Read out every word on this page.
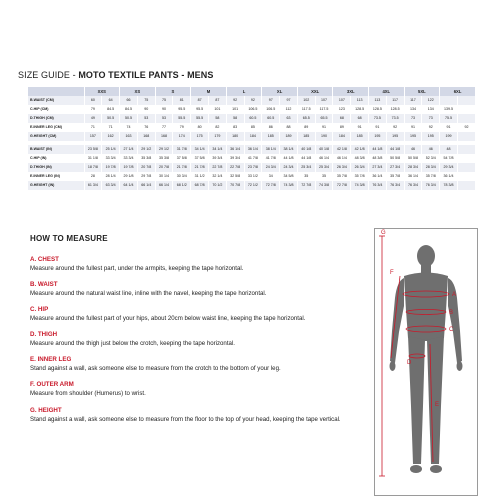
SIZE GUIDE - MOTO TEXTILE PANTS - MENS
	XXS		XS		S		M		L		XL		XXL		3XL		4XL		5XL		6XL	
B.WAIST (CM)	60	64	66	75	75	81	87	87	92	92	97	97	102	107	107	113	113	117	117	122		
C.HIP (CM)	79	84.5	84.5	90	90	95.5	95.5	101	101	106.5	106.5	112	117.5	117.5	123	128.5	128.5	128.5	134	134	139.5	
D.THIGH (CM)	49	50.5	50.5	53	53	55.5	55.5	58	58	60.5	60.5	63	65.5	65.5	68	68	73.5	73.5	73	73	75.5	
E.INNER LEG (CM)	71	71	74	76	77	79	80	82	83	85	86	88	89	91	89	91	91	92	91	92	91	92
G.HEIGHT (CM)	157	162	163	168	168	174	175	179	180	184	185	189	185	190	184	185	195	195	195	195	199	

B.WAIST (IN)	23 5/8	25 1/4	27 1/4	29 1/2	29 1/2	31 7/8	34 1/4	34 1/4	36 1/4	36 1/4	38 1/4	38 1/4	40 1/8	40 1/8	42 1/8	42 1/8	44 1/8	44 1/8	46	46	48	
C.HIP (IN)	31 1/8	33 3/4	33 3/4	35 3/8	35 3/8	37 5/8	37 5/8	39 3/4	39 3/4	41 7/8	41 7/8	44 1/8	44 1/8	46 1/4	46 1/4	48 3/8	48 3/8	50 5/8	50 5/8	52 3/4	54 7/8	
D.THIGH (IN)	18 7/8	19 7/8	19 7/8	20 7/8	20 7/8	21 7/8	21 7/8	22 7/8	22 7/8	23 7/8	24 3/4	24 3/4	25 3/4	25 3/4	26 3/4	26 3/4	27 3/4	27 3/4	28 3/4	28 3/4	29 3/4	
E.INNER LEG (IN)	28	28 1/4	29 1/8	29 7/8	30 1/4	30 3/4	31 1/2	32 1/4	32 5/8	33 1/2	34	34 5/8	35	35	35 7/8	35 7/8	36 1/4	35 7/8	36 1/4	35 7/8	36 1/4	
G.HEIGHT (IN)	61 3/4	63 3/4	64 1/4	66 1/4	66 1/4	68 1/2	68 7/8	70 1/2	70 7/8	72 1/2	72 7/8	74 3/8	72 7/8	74 3/8	72 7/8	74 3/8	76 3/4	76 3/4	76 3/4	76 3/4	78 3/8	
HOW TO MEASURE
A. CHEST
Measure around the fullest part, under the armpits, keeping the tape horizontal.
B. WAIST
Measure around the natural waist line, inline with the navel, keeping the tape horizontal.
C. HIP
Measure around the fullest part of your hips, about 20cm below waist line, keeping the tape horizontal.
D. THIGH
Measure around the thigh just below the crotch, keeping the tape horizontal.
E. INNER LEG
Stand against a wall, ask someone else to measure from the crotch to the bottom of your leg.
F. OUTER ARM
Measure from shoulder (Humerus) to wrist.
G. HEIGHT
Stand against a wall, ask someone else to measure from the floor to the top of your head, keeping the tape vertical.
G
F
A
B
C
D
E
